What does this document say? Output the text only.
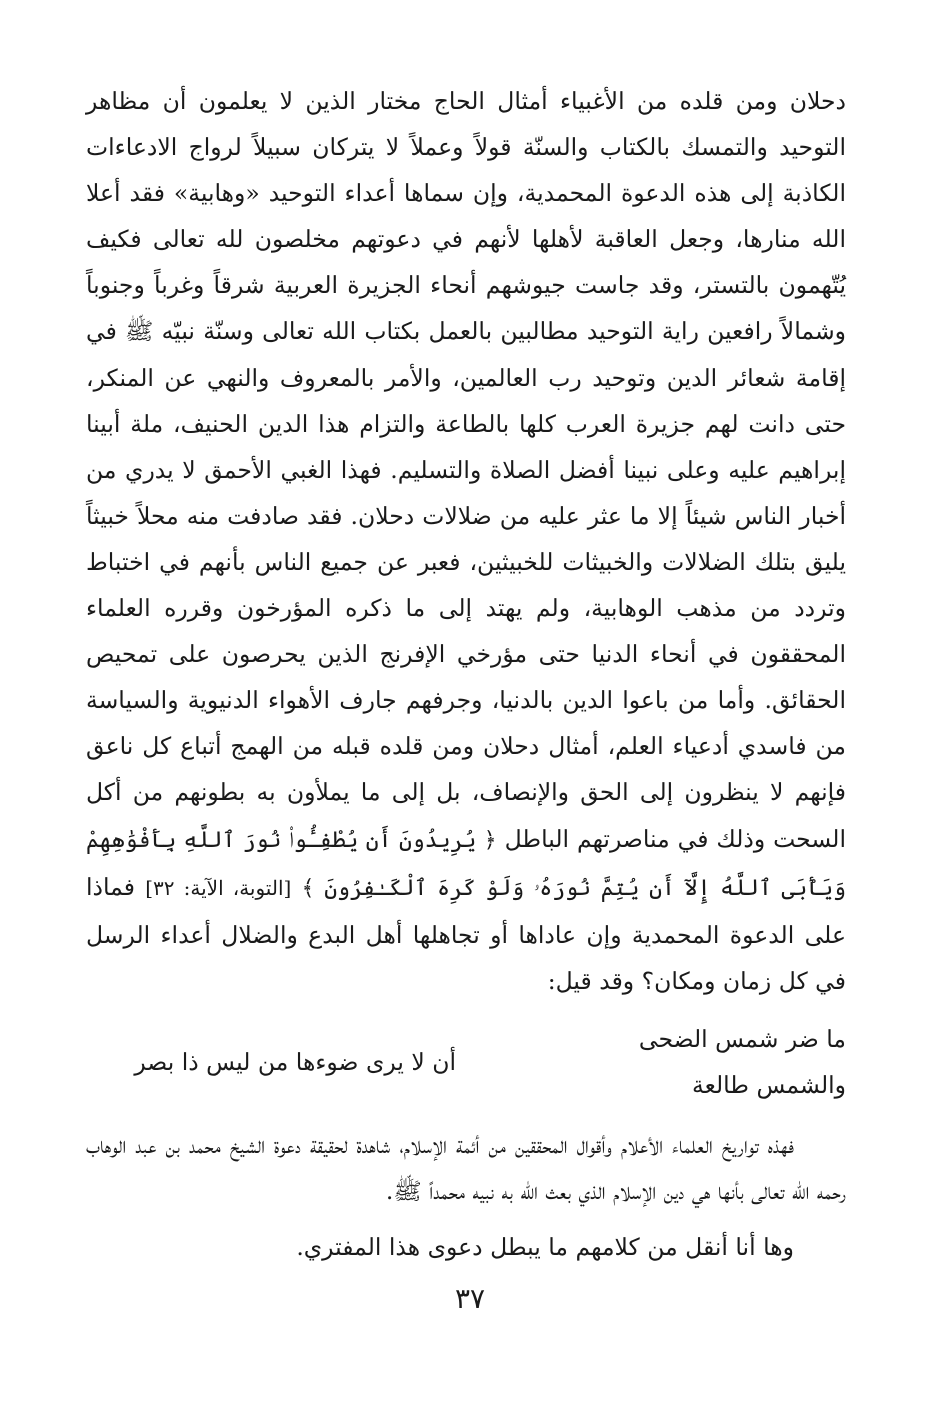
دحلان ومن قلده من الأغبياء أمثال الحاج مختار الذين لا يعلمون أن مظاهر التوحيد والتمسك بالكتاب والسنّة قولاً وعملاً لا يتركان سبيلاً لرواج الادعاءات الكاذبة إلى هذه الدعوة المحمدية، وإن سماها أعداء التوحيد «وهابية» فقد أعلا الله منارها، وجعل العاقبة لأهلها لأنهم في دعوتهم مخلصون لله تعالى فكيف يُتّهمون بالتستر، وقد جاست جيوشهم أنحاء الجزيرة العربية شرقاً وغرباً وجنوباً وشمالاً رافعين راية التوحيد مطالبين بالعمل بكتاب الله تعالى وسنّة نبيّه ﷺ في إقامة شعائر الدين وتوحيد رب العالمين، والأمر بالمعروف والنهي عن المنكر، حتى دانت لهم جزيرة العرب كلها بالطاعة والتزام هذا الدين الحنيف، ملة أبينا إبراهيم عليه وعلى نبينا أفضل الصلاة والتسليم. فهذا الغبي الأحمق لا يدري من أخبار الناس شيئاً إلا ما عثر عليه من ضلالات دحلان. فقد صادفت منه محلاً خبيثاً يليق بتلك الضلالات والخبيثات للخبيثين، فعبر عن جميع الناس بأنهم في اختباط وتردد من مذهب الوهابية، ولم يهتد إلى ما ذكره المؤرخون وقرره العلماء المحققون في أنحاء الدنيا حتى مؤرخي الإفرنج الذين يحرصون على تمحيص الحقائق. وأما من باعوا الدين بالدنيا، وجرفهم جارف الأهواء الدنيوية والسياسة من فاسدي أدعياء العلم، أمثال دحلان ومن قلده قبله من الهمج أتباع كل ناعق فإنهم لا ينظرون إلى الحق والإنصاف، بل إلى ما يملأون به بطونهم من أكل السحت وذلك في مناصرتهم الباطل ﴿ يُرِيدُونَ أَن يُطْفِـُٔوا۟ نُورَ ٱللَّهِ بِأَفْوَٰهِهِمْ وَيَأْبَى ٱللَّهُ إِلَّآ أَن يُتِمَّ نُورَهُۥ وَلَوْ كَرِهَ ٱلْكَـٰفِرُونَ ﴾ [التوبة، الآية: ٣٢] فماذا على الدعوة المحمدية وإن عاداها أو تجاهلها أهل البدع والضلال أعداء الرسل في كل زمان ومكان؟ وقد قيل:

ما ضر شمس الضحى والشمس طالعة
أن لا يرى ضوءها من ليس ذا بصر

فهذه تواريخ العلماء الأعلام وأقوال المحققين من أئمة الإسلام، شاهدة لحقيقة دعوة الشيخ محمد بن عبد الوهاب رحمه الله تعالى بأنها هي دين الإسلام الذي بعث الله به نبيه محمداً ﷺ.

وها أنا أنقل من كلامهم ما يبطل دعوى هذا المفتري.

٣٧
